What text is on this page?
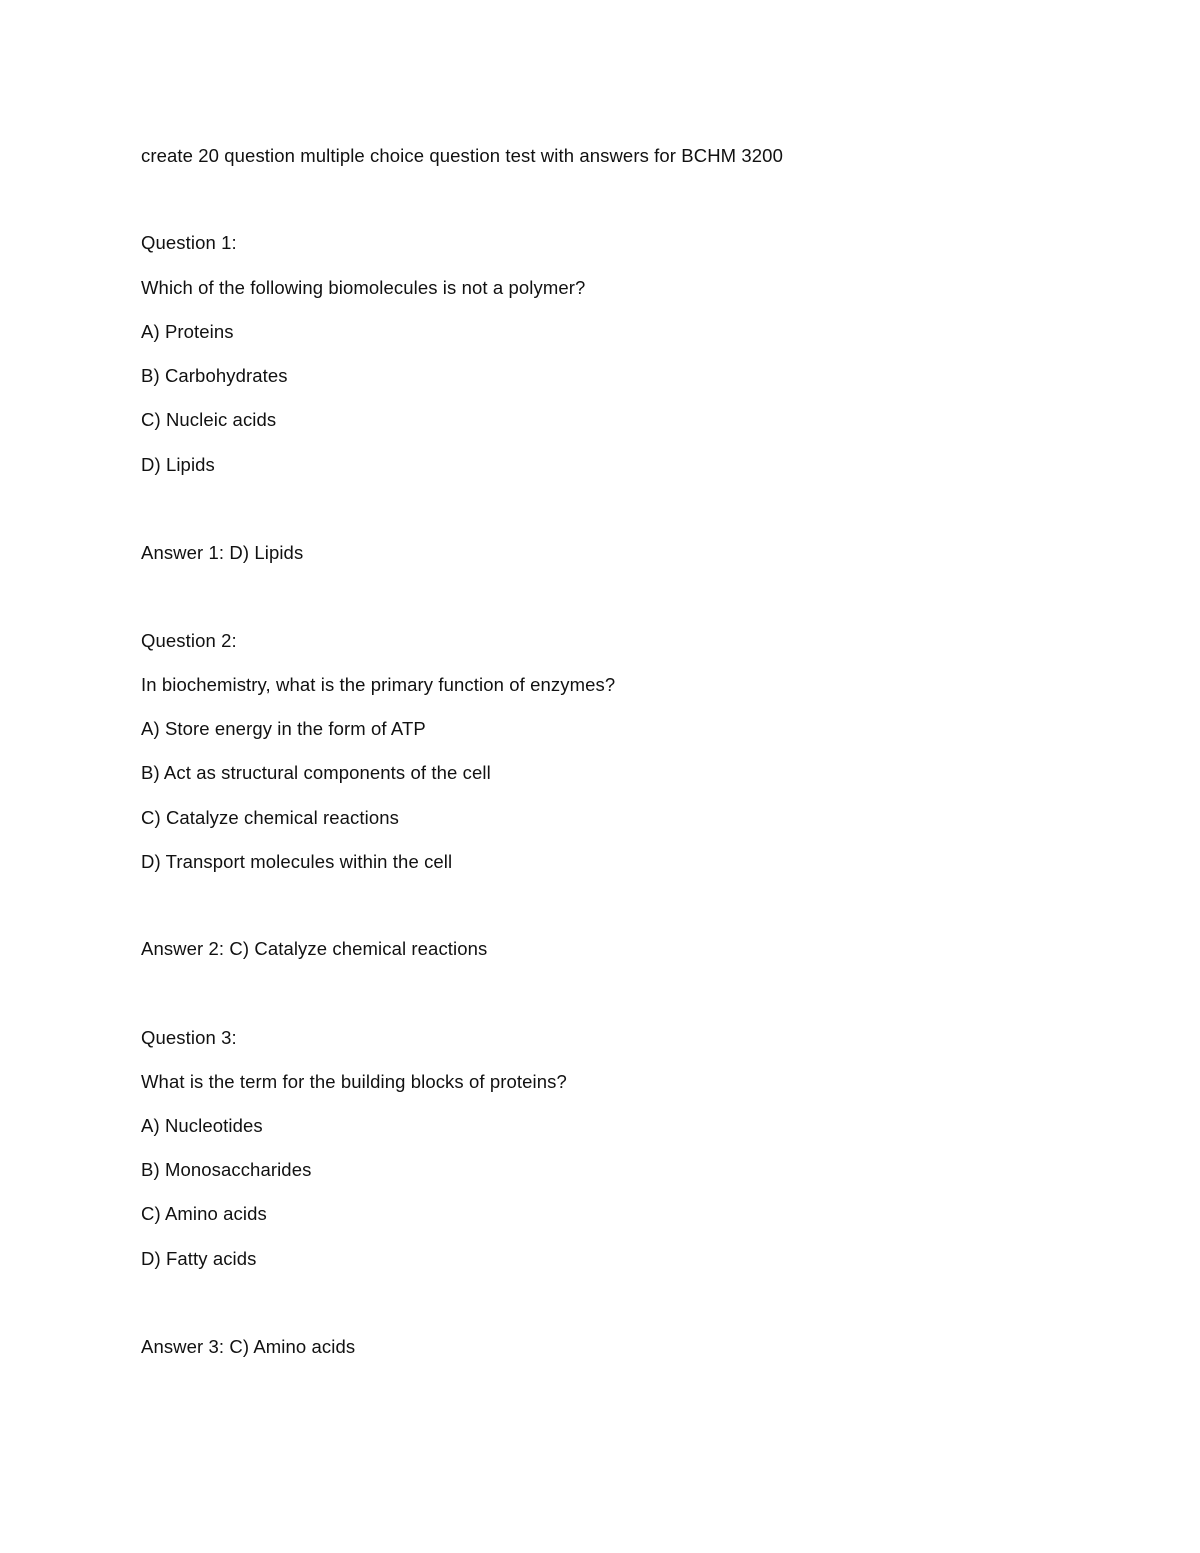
create 20 question multiple choice question test with answers for BCHM 3200

Question 1:

Which of the following biomolecules is not a polymer?

A) Proteins

B) Carbohydrates

C) Nucleic acids

D) Lipids

Answer 1: D) Lipids

Question 2:

In biochemistry, what is the primary function of enzymes?

A) Store energy in the form of ATP

B) Act as structural components of the cell

C) Catalyze chemical reactions

D) Transport molecules within the cell

Answer 2: C) Catalyze chemical reactions

Question 3:

What is the term for the building blocks of proteins?

A) Nucleotides

B) Monosaccharides

C) Amino acids

D) Fatty acids

Answer 3: C) Amino acids
